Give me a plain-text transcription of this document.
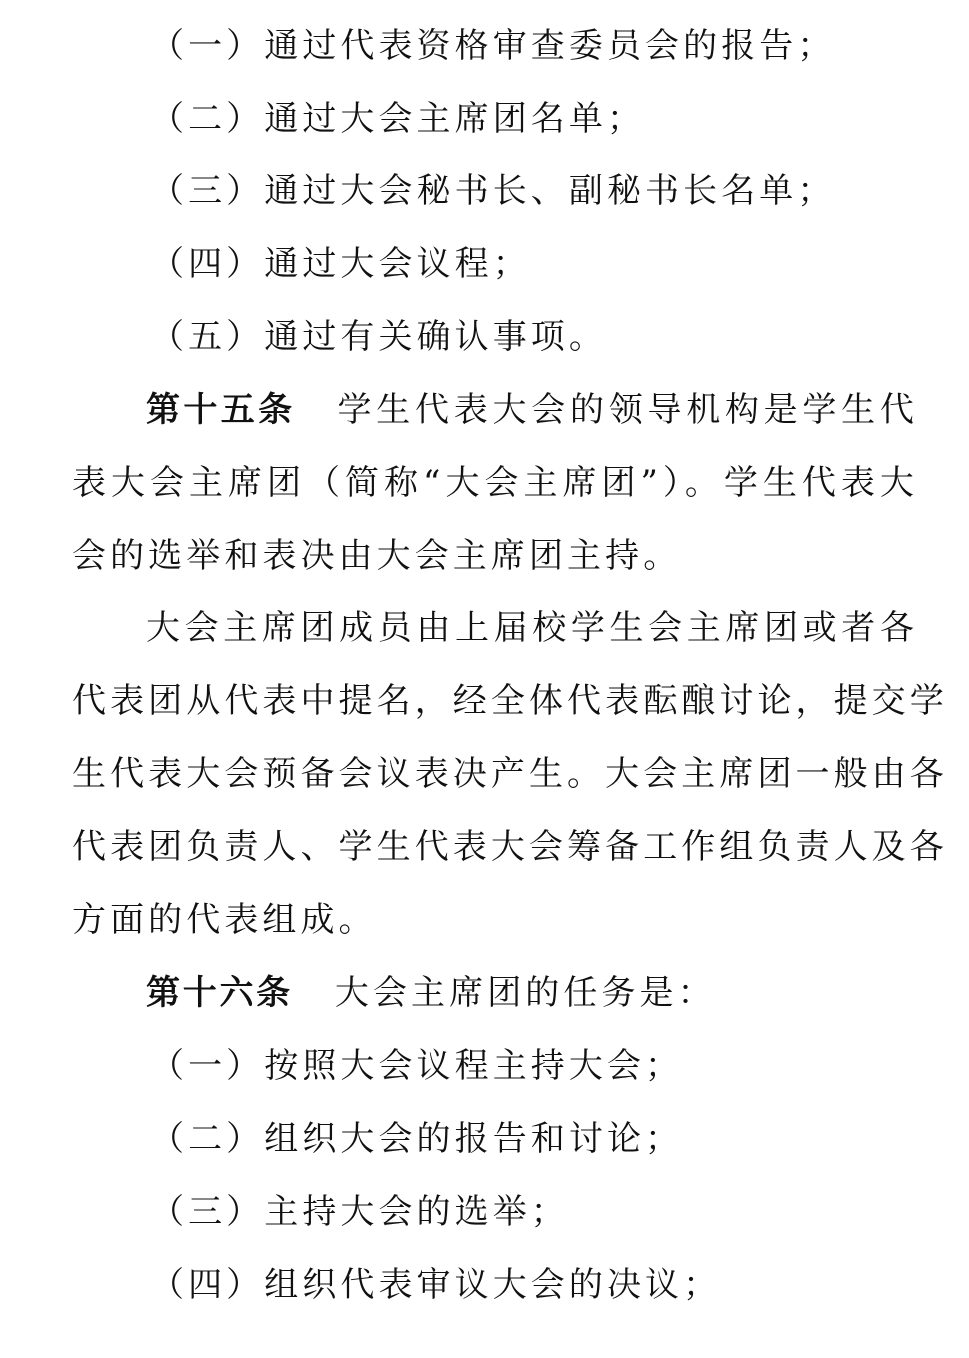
（一）通过代表资格审查委员会的报告；
（二）通过大会主席团名单；
（三）通过大会秘书长、副秘书长名单；
（四）通过大会议程；
（五）通过有关确认事项。
第十五条 学生代表大会的领导机构是学生代
表大会主席团（简称“大会主席团”）。学生代表大
会的选举和表决由大会主席团主持。
大会主席团成员由上届校学生会主席团或者各
代表团从代表中提名，经全体代表酝酿讨论，提交学
生代表大会预备会议表决产生。大会主席团一般由各
代表团负责人、学生代表大会筹备工作组负责人及各
方面的代表组成。
第十六条 大会主席团的任务是：
（一）按照大会议程主持大会；
（二）组织大会的报告和讨论；
（三）主持大会的选举；
（四）组织代表审议大会的决议；
